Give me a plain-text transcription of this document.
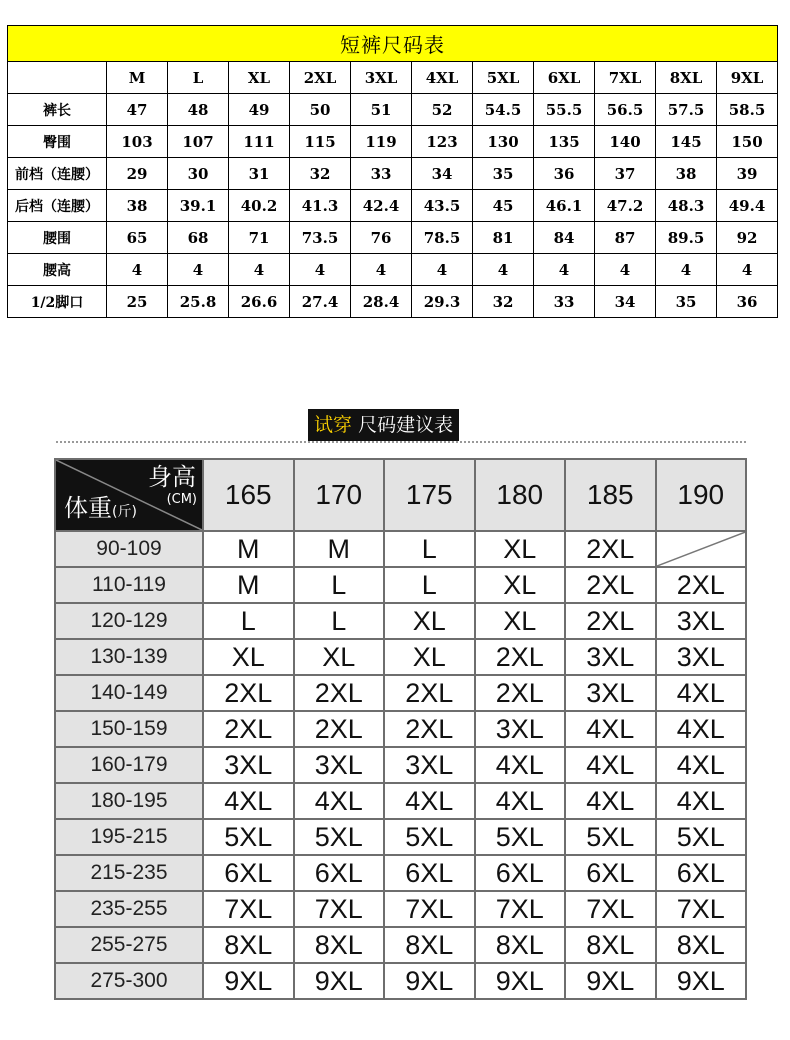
短裤尺码表											
	M	L	XL	2XL	3XL	4XL	5XL	6XL	7XL	8XL	9XL
裤长	47	48	49	50	51	52	54.5	55.5	56.5	57.5	58.5
臀围	103	107	111	115	119	123	130	135	140	145	150
前档（连腰）	29	30	31	32	33	34	35	36	37	38	39
后档（连腰）	38	39.1	40.2	41.3	42.4	43.5	45	46.1	47.2	48.3	49.4
腰围	65	68	71	73.5	76	78.5	81	84	87	89.5	92
腰高	4	4	4	4	4	4	4	4	4	4	4
1/2脚口	25	25.8	26.6	27.4	28.4	29.3	32	33	34	35	36
试穿 尺码建议表
身高
(CM)
体重(斤)	165	170	175	180	185	190
90-109	M	M	L	XL	2XL	

110-119	M	L	L	XL	2XL	2XL
120-129	L	L	XL	XL	2XL	3XL
130-139	XL	XL	XL	2XL	3XL	3XL
140-149	2XL	2XL	2XL	2XL	3XL	4XL
150-159	2XL	2XL	2XL	3XL	4XL	4XL
160-179	3XL	3XL	3XL	4XL	4XL	4XL
180-195	4XL	4XL	4XL	4XL	4XL	4XL
195-215	5XL	5XL	5XL	5XL	5XL	5XL
215-235	6XL	6XL	6XL	6XL	6XL	6XL
235-255	7XL	7XL	7XL	7XL	7XL	7XL
255-275	8XL	8XL	8XL	8XL	8XL	8XL
275-300	9XL	9XL	9XL	9XL	9XL	9XL
